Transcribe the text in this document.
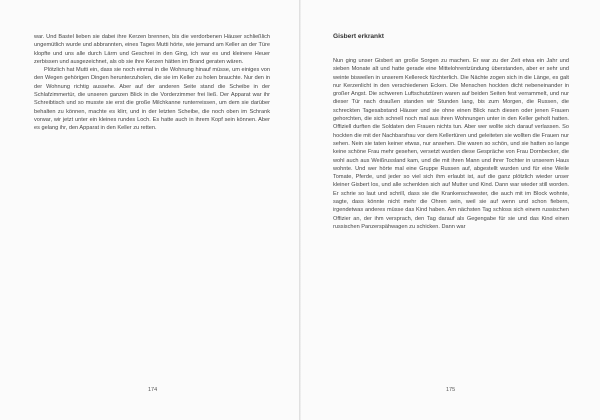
war. Und Bastel lieben sie dabei ihre Kerzen brennen, bis die verdorbenen Häuser schließlich ungemütlich wurde und abbrannten, eines Tages Mutti hörte, wie jemand am Keller an der Türe klopfte und uns alle durch Lärm und Geschrei in den Ging, ich war es und kleinere Heuer zerbissen und ausgezeichnet, als ob sie ihre Kerzen hätten im Brand geraten wären.

Plötzlich hat Mutti ein, dass sie noch einmal in die Wohnung hinauf müsse, um einiges von den Wegen gehörigen Dingen herunterzuholen, die sie im Keller zu holen brauchte. Nur den in der Wohnung richtig aussehe. Aber auf der anderen Seite stand die Scheibe in der Schlafzimmertür, die unseren ganzen Blick in die Vorderzimmer frei ließ. Der Apparat war ihr Schreibtisch und so musste sie erst die große Milchkanne runterreissen, um dem sie darüber behalten zu können, machte es klirr, und in der letzten Scheibe, die noch oben im Schrank vorwar, wir jetzt unter ein kleines rundes Loch. Es hatte auch in ihrem Kopf sein können. Aber es gelang ihr, den Apparat in den Keller zu retten.

174
Gisbert erkrankt

Nun ging unser Gisbert an große Sorgen zu machen. Er war zu der Zeit etwa ein Jahr und sieben Monate alt und hatte gerade eine Mittelohrentzündung überstanden, aber er sehr und weinte bisweilen in unserem Kellereck fürchterlich. Die Nächte zogen sich in die Länge, es galt nur Kerzenlicht in den verschiedenen Ecken. Die Menschen hockten dicht nebeneinander in großer Angst. Die schweren Luftschutztüren waren auf beiden Seiten fest verrammelt, und nur dieser Tür nach draußen standen wir Stunden lang, bis zum Morgen, die Russen, die schreckten Tagesabstand Häuser und sie ohne einen Blick nach diesen oder jenen Frauen gehorchten, die sich schnell noch mal aus ihren Wohnungen unter in den Keller geholt hatten. Offiziell durften die Soldaten den Frauen nichts tun. Aber wer wollte sich darauf verlassen. So hockten die mit der Nachbarsfrau vor dem Kellertüren und geleiteten sie wollten die Frauen nur sehen. Nein sie taten keiner etwas, nur ansehen. Die waren so schön, und sie hatten so lange keine schöne Frau mehr gesehen, versetzt wurden diese Gespräche von Frau Dornbecker, die wohl auch aus Weißrussland kam, und die mit ihren Mann und ihrer Tochter in unserem Haus wohnte. Und wer hörte mal eine Gruppe Russen auf, abgestellt wurden und für eine Weile Tomate, Pferde, und jeder so viel sich ihm erlaubt ist, auf die ganz plötzlich wieder unser kleiner Gisbert los, und alle schenkten sich auf Mutter und Kind. Dann war wieder still worden. Er schrie so laut und schrill, dass sie die Krankenschwester, die auch mit im Block wohnte, sagte, dass könnte nicht mehr die Ohren sein, weil sie auf wenn und schon fiebern, irgendetwas anderes müsse das Kind haben. Am nächsten Tag schloss sich einem russischen Offizier an, der ihm versprach, den Tag darauf als Gegengabe für sie und das Kind einen russischen Panzerspähwagen zu schicken. Dann war

175
